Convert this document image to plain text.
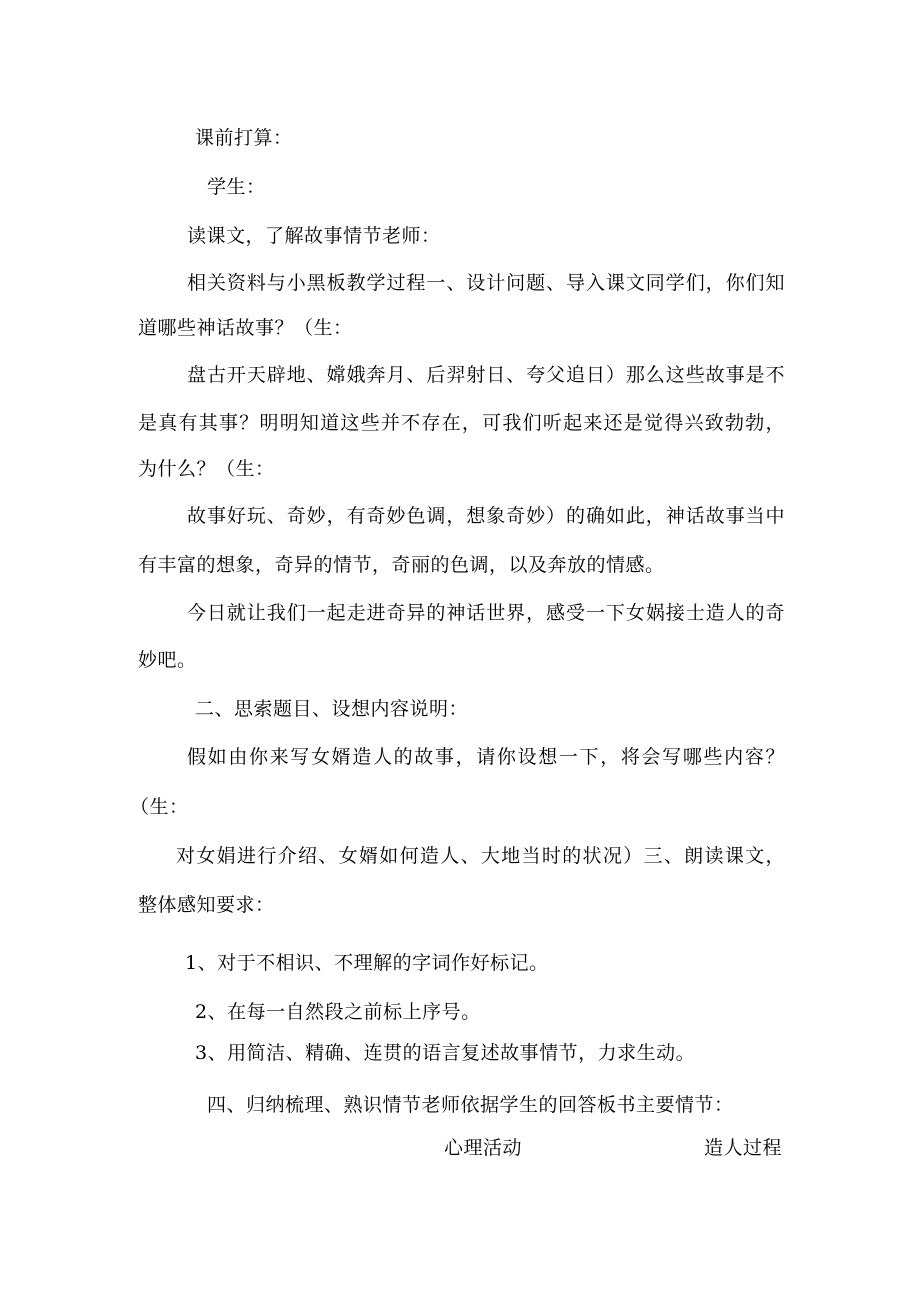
课前打算：
学生：
读课文，了解故事情节老师：
相关资料与小黑板教学过程一、设计问题、导入课文同学们，你们知
道哪些神话故事？（生：
盘古开天辟地、嫦娥奔月、后羿射日、夸父追日）那么这些故事是不
是真有其事？明明知道这些并不存在，可我们听起来还是觉得兴致勃勃，
为什么？（生：
故事好玩、奇妙，有奇妙色调，想象奇妙）的确如此，神话故事当中
有丰富的想象，奇异的情节，奇丽的色调，以及奔放的情感。
今日就让我们一起走进奇异的神话世界，感受一下女娲接士造人的奇
妙吧。
二、思索题目、设想内容说明：
假如由你来写女婿造人的故事，请你设想一下，将会写哪些内容？
（生：
对女娟进行介绍、女婿如何造人、大地当时的状况）三、朗读课文，
整体感知要求：
1、对于不相识、不理解的字词作好标记。
2、在每一自然段之前标上序号。
3、用简洁、精确、连贯的语言复述故事情节，力求生动。
四、归纳梳理、熟识情节老师依据学生的回答板书主要情节：
心理活动	造人过程
